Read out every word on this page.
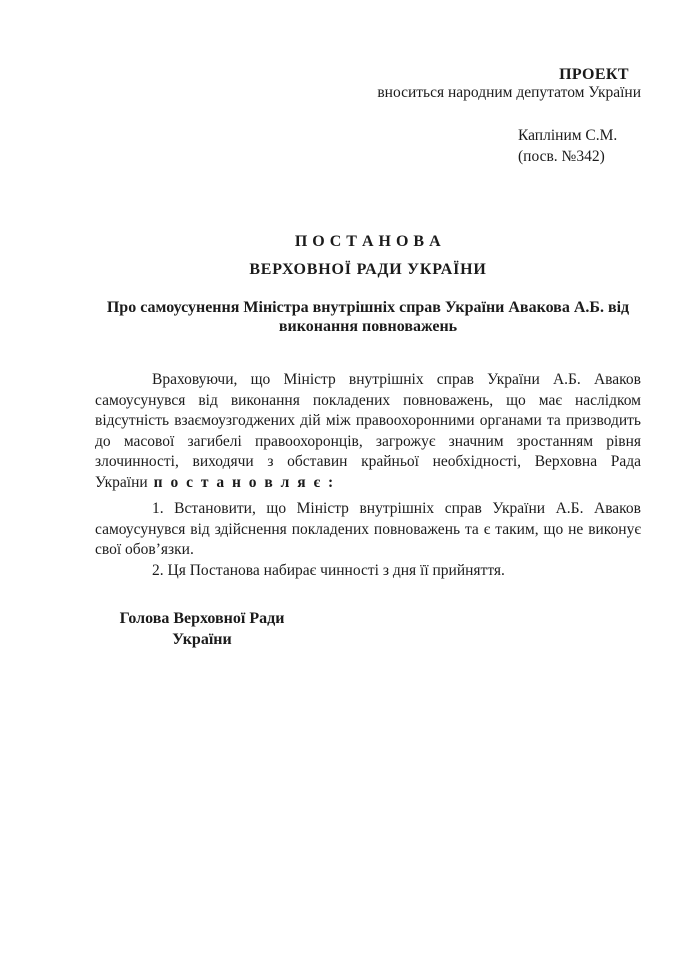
ПРОЕКТ
вноситься народним депутатом України
Капліним С.М.
(посв. №342)
П О С Т А Н О В А
ВЕРХОВНОЇ РАДИ УКРАЇНИ
Про самоусунення Міністра внутрішніх справ України Авакова А.Б. від виконання повноважень

Враховуючи, що Міністр внутрішніх справ України А.Б. Аваков самоусунувся від виконання покладених повноважень, що має наслідком відсутність взаємоузгоджених дій між правоохоронними органами та призводить до масової загибелі правоохоронців, загрожує значним зростанням рівня злочинності, виходячи з обставин крайньої необхідності, Верховна Рада України п о с т а н о в л я є :

1. Встановити, що Міністр внутрішніх справ України А.Б. Аваков самоусунувся від здійснення покладених повноважень та є таким, що не виконує свої обов’язки.

2. Ця Постанова набирає чинності з дня її прийняття.

Голова Верховної Ради
України
